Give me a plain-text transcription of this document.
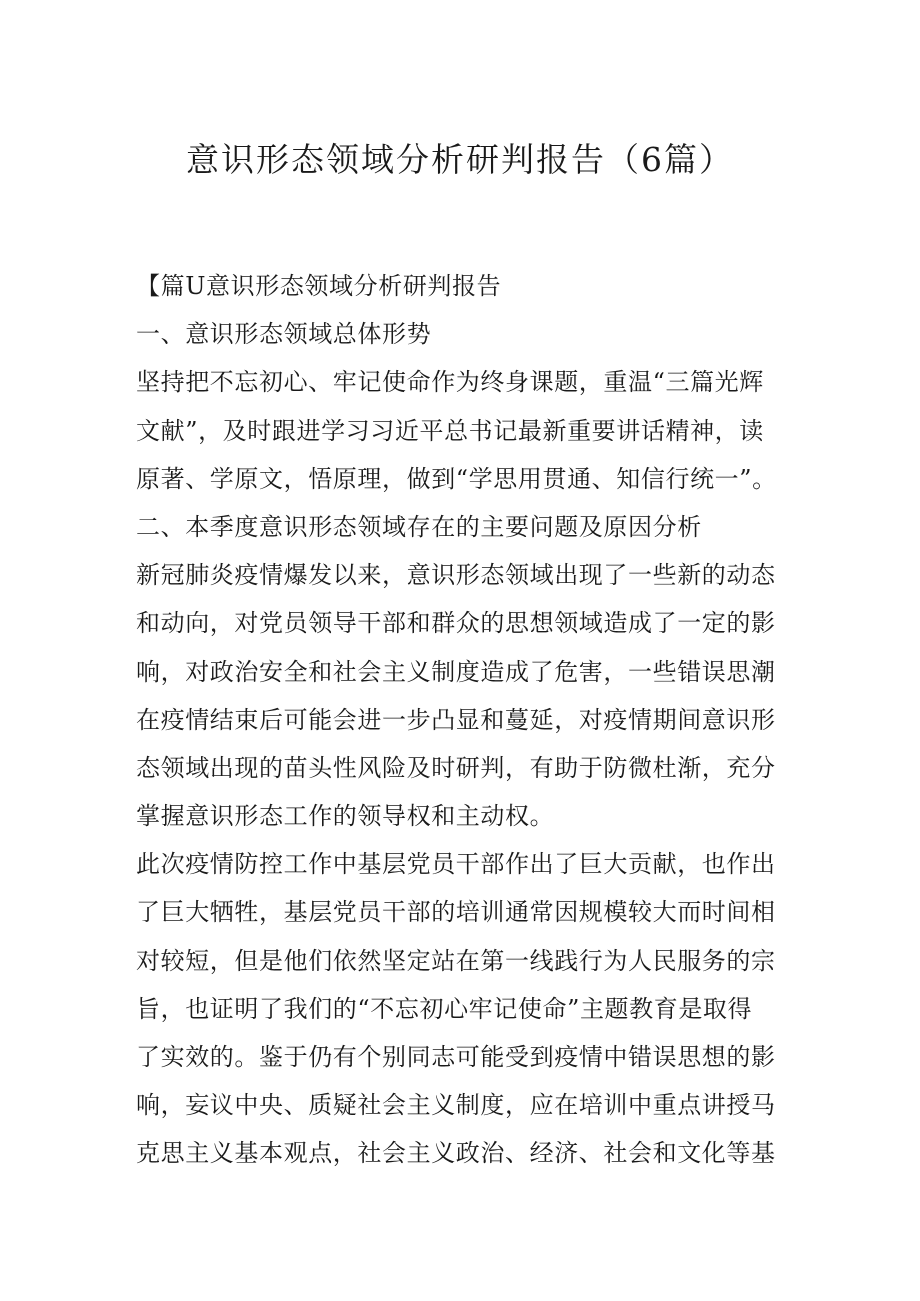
意识形态领域分析研判报告（6篇）
【篇U意识形态领域分析研判报告
一、意识形态领域总体形势
坚持把不忘初心、牢记使命作为终身课题，重温“三篇光辉
文献”，及时跟进学习习近平总书记最新重要讲话精神，读
原著、学原文，悟原理，做到“学思用贯通、知信行统一”。
二、本季度意识形态领域存在的主要问题及原因分析
新冠肺炎疫情爆发以来，意识形态领域出现了一些新的动态
和动向，对党员领导干部和群众的思想领域造成了一定的影
响，对政治安全和社会主义制度造成了危害，一些错误思潮
在疫情结束后可能会进一步凸显和蔓延，对疫情期间意识形
态领域出现的苗头性风险及时研判，有助于防微杜渐，充分
掌握意识形态工作的领导权和主动权。
此次疫情防控工作中基层党员干部作出了巨大贡献，也作出
了巨大牺牲，基层党员干部的培训通常因规模较大而时间相
对较短，但是他们依然坚定站在第一线践行为人民服务的宗
旨，也证明了我们的“不忘初心牢记使命”主题教育是取得
了实效的。鉴于仍有个别同志可能受到疫情中错误思想的影
响，妄议中央、质疑社会主义制度，应在培训中重点讲授马
克思主义基本观点，社会主义政治、经济、社会和文化等基
